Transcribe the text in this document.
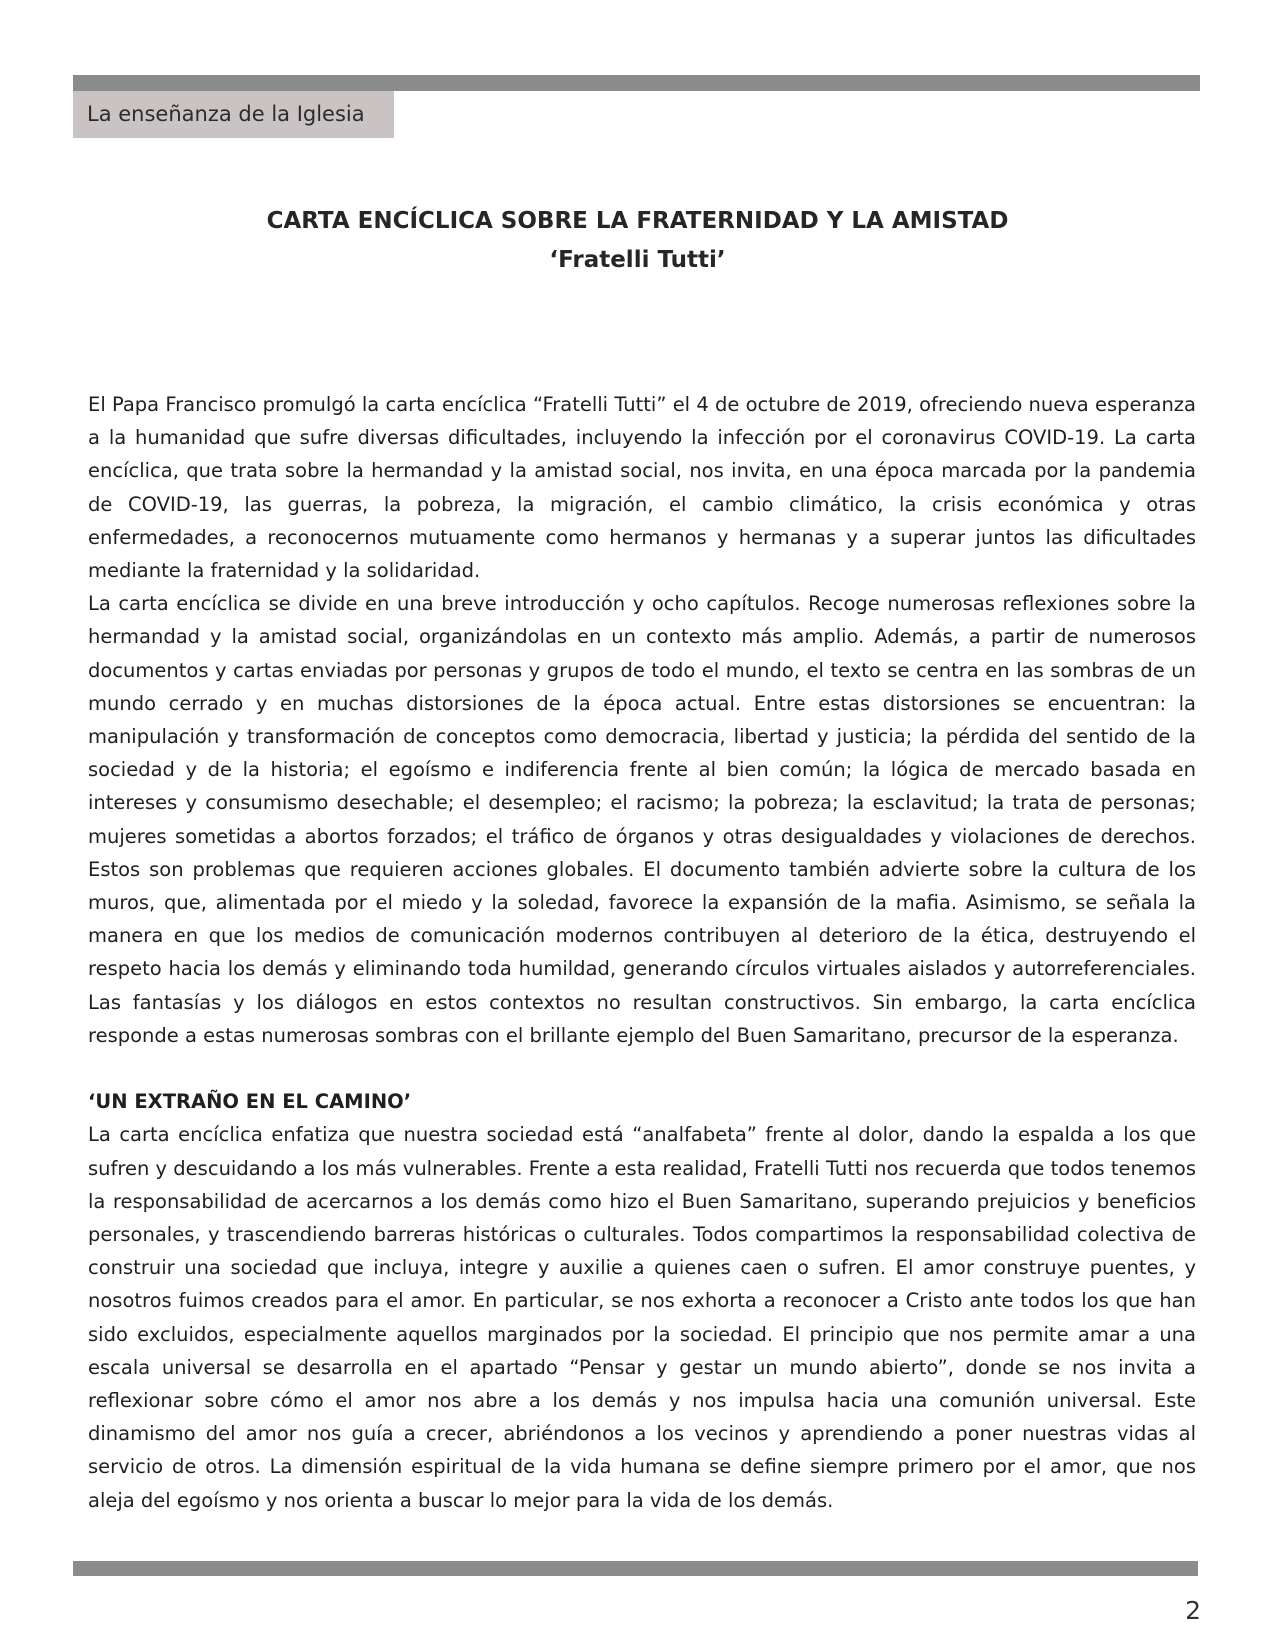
La enseñanza de la Iglesia
CARTA ENCÍCLICA SOBRE LA FRATERNIDAD Y LA AMISTAD
‘Fratelli Tutti’

El Papa Francisco promulgó la carta encíclica “Fratelli Tutti” el 4 de octubre de 2019, ofreciendo nueva esperanza a la humanidad que sufre diversas dificultades, incluyendo la infección por el coronavirus COVID-19. La carta encíclica, que trata sobre la hermandad y la amistad social, nos invita, en una época marcada por la pandemia de COVID-19, las guerras, la pobreza, la migración, el cambio climático, la crisis económica y otras enfermedades, a reconocernos mutuamente como hermanos y hermanas y a superar juntos las dificultades mediante la fraternidad y la solidaridad.

La carta encíclica se divide en una breve introducción y ocho capítulos. Recoge numerosas reflexiones sobre la hermandad y la amistad social, organizándolas en un contexto más amplio. Además, a partir de numerosos documentos y cartas enviadas por personas y grupos de todo el mundo, el texto se centra en las sombras de un mundo cerrado y en muchas distorsiones de la época actual. Entre estas distorsiones se encuentran: la manipulación y transformación de conceptos como democracia, libertad y justicia; la pérdida del sentido de la sociedad y de la historia; el egoísmo e indiferencia frente al bien común; la lógica de mercado basada en intereses y consumismo desechable; el desempleo; el racismo; la pobreza; la esclavitud; la trata de personas; mujeres sometidas a abortos forzados; el tráfico de órganos y otras desigualdades y violaciones de derechos. Estos son problemas que requieren acciones globales. El documento también advierte sobre la cultura de los muros, que, alimentada por el miedo y la soledad, favorece la expansión de la mafia. Asimismo, se señala la manera en que los medios de comunicación modernos contribuyen al deterioro de la ética, destruyendo el respeto hacia los demás y eliminando toda humildad, generando círculos virtuales aislados y autorreferenciales. Las fantasías y los diálogos en estos contextos no resultan constructivos. Sin embargo, la carta encíclica responde a estas numerosas sombras con el brillante ejemplo del Buen Samaritano, precursor de la esperanza.

‘UN EXTRAÑO EN EL CAMINO’

La carta encíclica enfatiza que nuestra sociedad está “analfabeta” frente al dolor, dando la espalda a los que sufren y descuidando a los más vulnerables. Frente a esta realidad, Fratelli Tutti nos recuerda que todos tenemos la responsabilidad de acercarnos a los demás como hizo el Buen Samaritano, superando prejuicios y beneficios personales, y trascendiendo barreras históricas o culturales. Todos compartimos la responsabilidad colectiva de construir una sociedad que incluya, integre y auxilie a quienes caen o sufren. El amor construye puentes, y nosotros fuimos creados para el amor. En particular, se nos exhorta a reconocer a Cristo ante todos los que han sido excluidos, especialmente aquellos marginados por la sociedad. El principio que nos permite amar a una escala universal se desarrolla en el apartado “Pensar y gestar un mundo abierto”, donde se nos invita a reflexionar sobre cómo el amor nos abre a los demás y nos impulsa hacia una comunión universal. Este dinamismo del amor nos guía a crecer, abriéndonos a los vecinos y aprendiendo a poner nuestras vidas al servicio de otros. La dimensión espiritual de la vida humana se define siempre primero por el amor, que nos aleja del egoísmo y nos orienta a buscar lo mejor para la vida de los demás.

2
